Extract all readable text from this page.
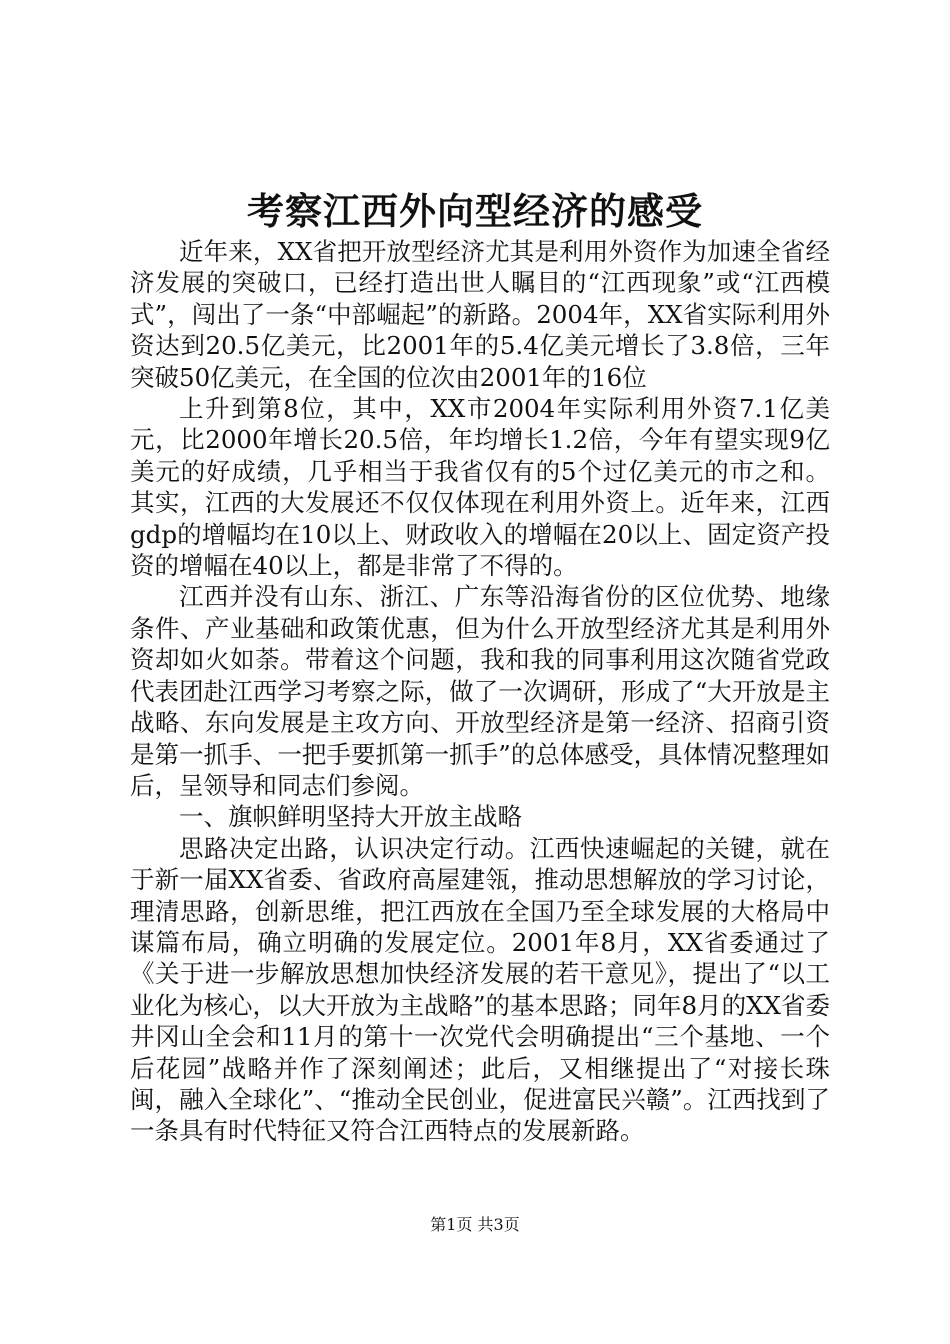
考察江西外向型经济的感受

近年来，XX省把开放型经济尤其是利用外资作为加速全省经济发展的突破口，已经打造出世人瞩目的“江西现象”或“江西模式”，闯出了一条“中部崛起”的新路。2004年，XX省实际利用外资达到20.5亿美元，比2001年的5.4亿美元增长了3.8倍，三年突破50亿美元，在全国的位次由2001年的16位

上升到第8位，其中，XX市2004年实际利用外资7.1亿美元，比2000年增长20.5倍，年均增长1.2倍，今年有望实现9亿美元的好成绩，几乎相当于我省仅有的5个过亿美元的市之和。其实，江西的大发展还不仅仅体现在利用外资上。近年来，江西gdp的增幅均在10以上、财政收入的增幅在20以上、固定资产投资的增幅在40以上，都是非常了不得的。

江西并没有山东、浙江、广东等沿海省份的区位优势、地缘条件、产业基础和政策优惠，但为什么开放型经济尤其是利用外资却如火如荼。带着这个问题，我和我的同事利用这次随省党政代表团赴江西学习考察之际，做了一次调研，形成了“大开放是主战略、东向发展是主攻方向、开放型经济是第一经济、招商引资是第一抓手、一把手要抓第一抓手”的总体感受，具体情况整理如后，呈领导和同志们参阅。

一、旗帜鲜明坚持大开放主战略

思路决定出路，认识决定行动。江西快速崛起的关键，就在于新一届XX省委、省政府高屋建瓴，推动思想解放的学习讨论，理清思路，创新思维，把江西放在全国乃至全球发展的大格局中谋篇布局，确立明确的发展定位。2001年8月，XX省委通过了《关于进一步解放思想加快经济发展的若干意见》，提出了“以工业化为核心，以大开放为主战略”的基本思路；同年8月的XX省委井冈山全会和11月的第十一次党代会明确提出“三个基地、一个后花园”战略并作了深刻阐述；此后，又相继提出了“对接长珠闽，融入全球化”、“推动全民创业，促进富民兴赣”。江西找到了一条具有时代特征又符合江西特点的发展新路。

第1页 共3页
